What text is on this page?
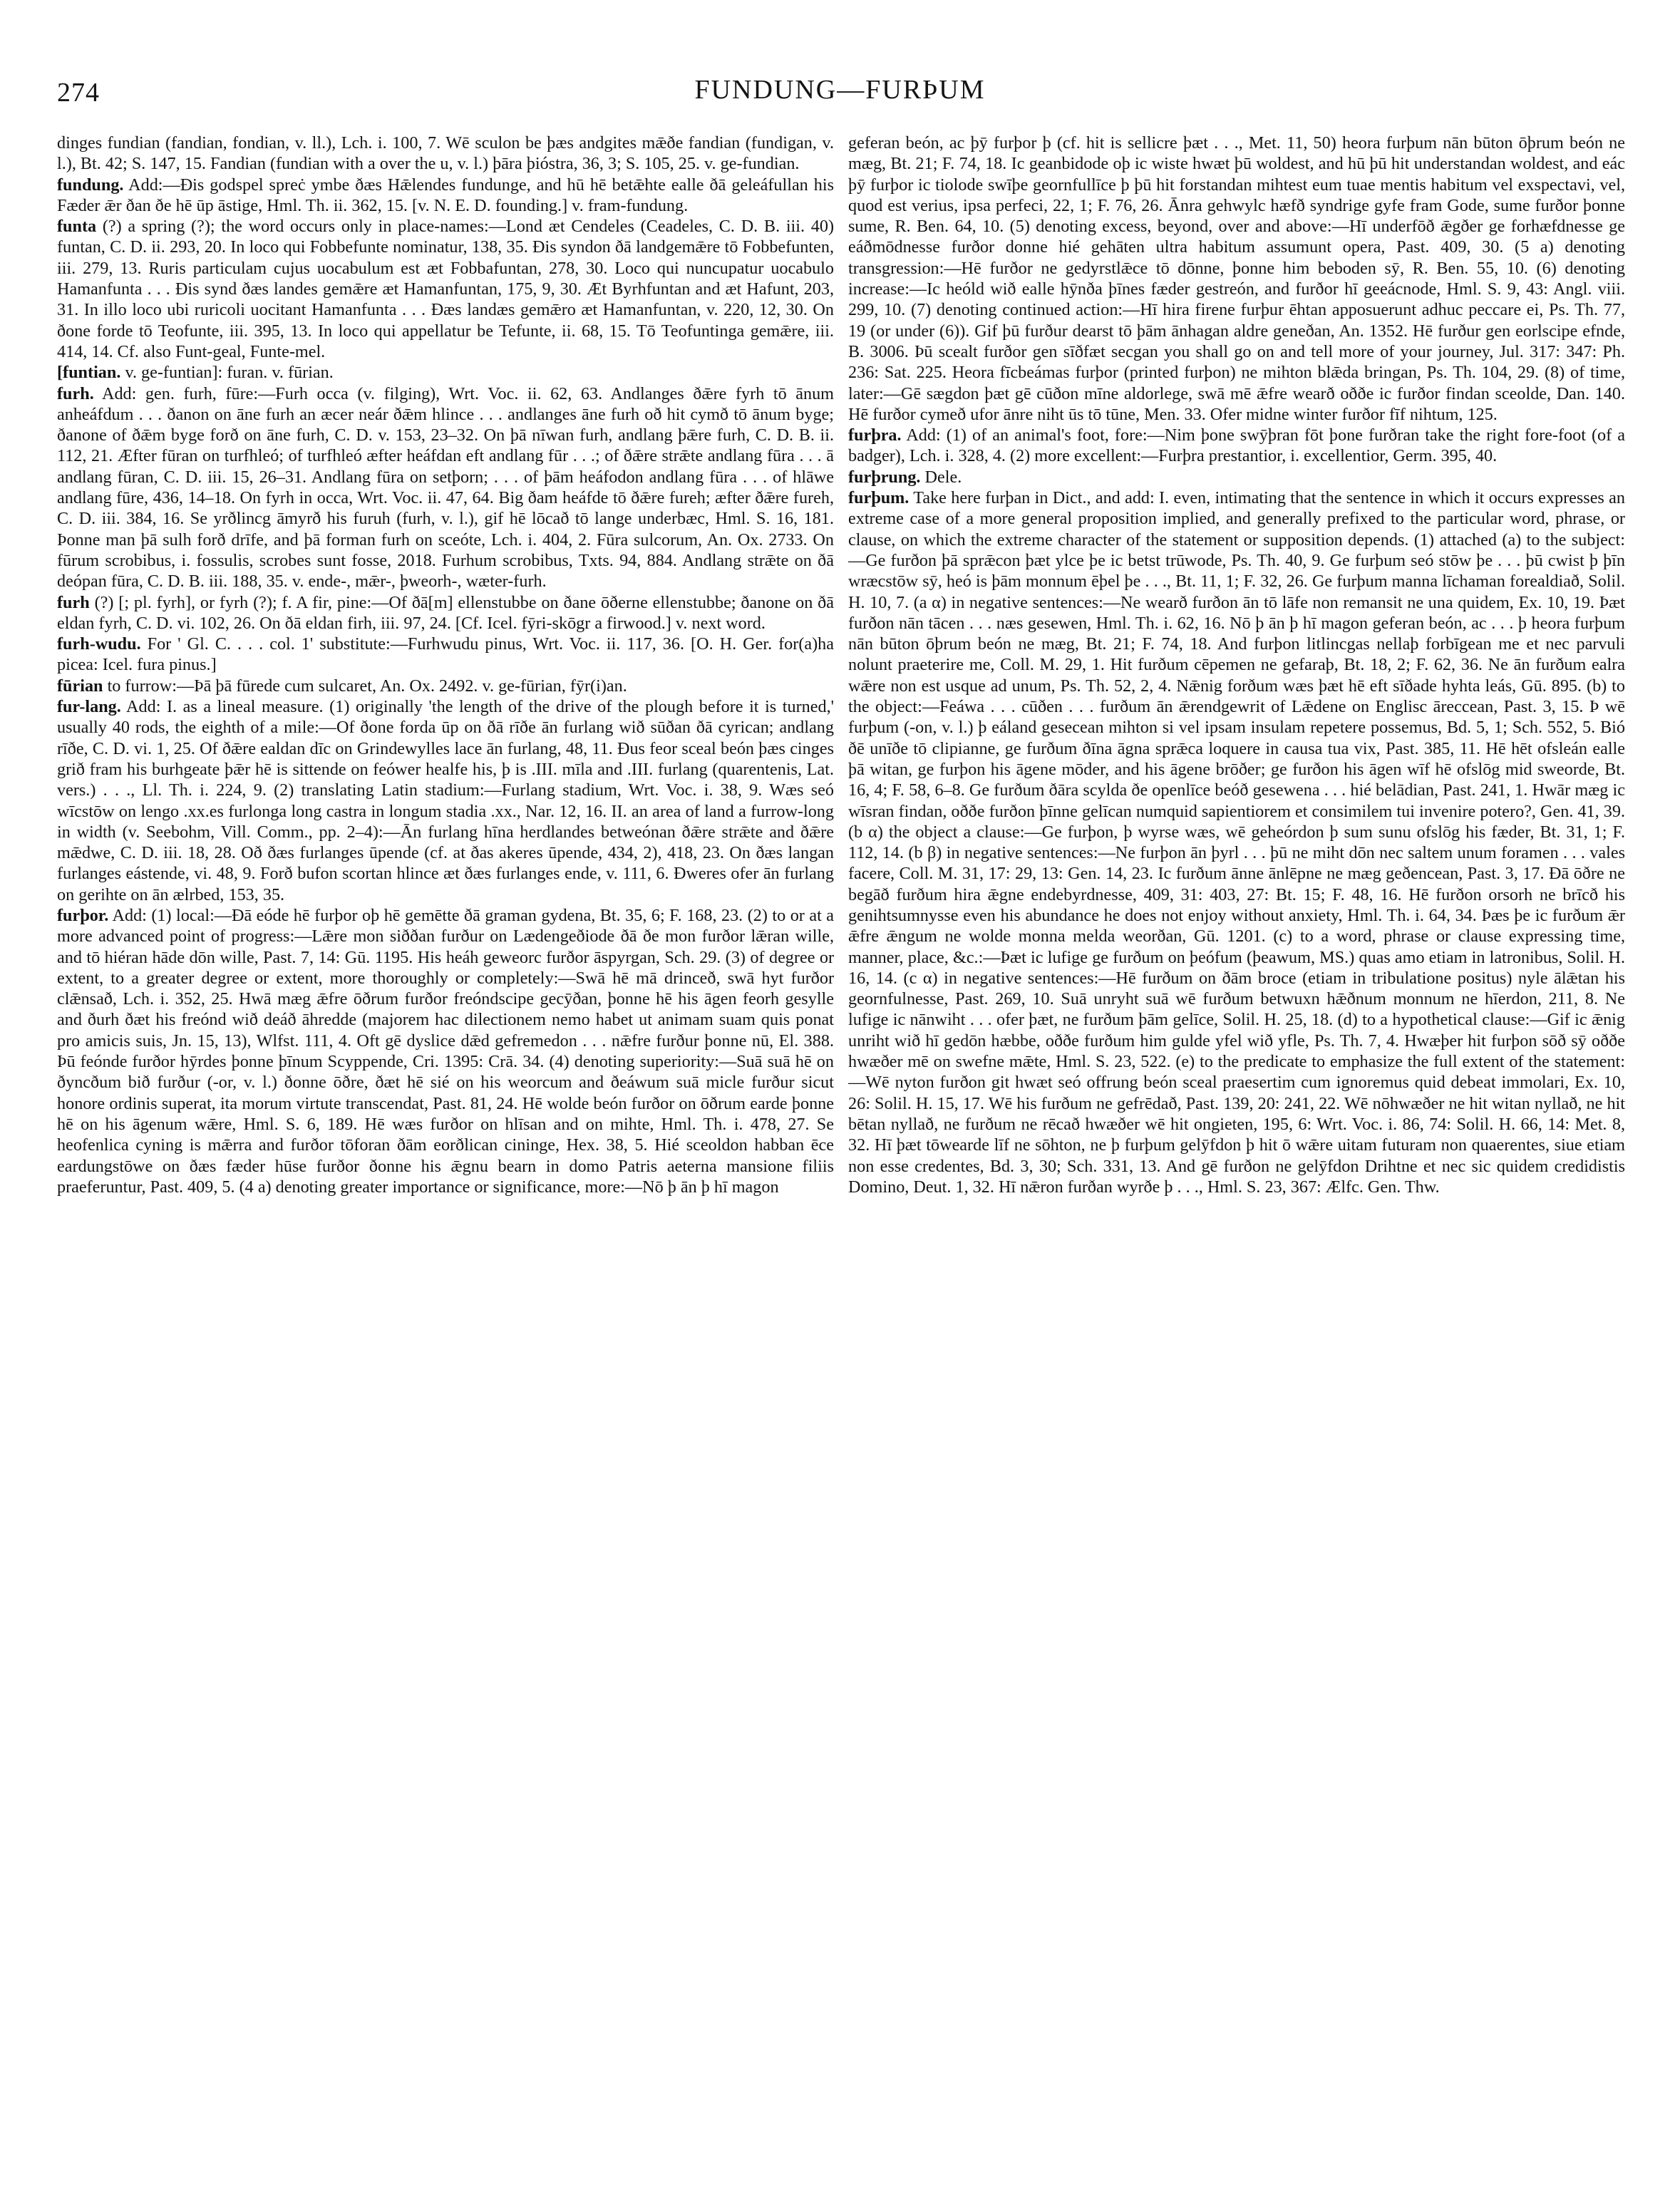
274	FUNDUNG—FURÞUM

dinges fundian (fandian, fondian, v. ll.), Lch. i. 100, 7. Wē sculon be þæs andgites mǣðe fandian (fundigan, v. l.), Bt. 42; S. 147, 15. Fandian (fundian with a over the u, v. l.) þāra þióstra, 36, 3; S. 105, 25. v. ge-fundian.

fundung. Add:—Ðis godspel spreċ ymbe ðæs Hǣlendes fundunge, and hū hē betǣhte ealle ðā geleáfullan his Fæder ǣr ðan ðe hē ūp āstige, Hml. Th. ii. 362, 15. [v. N. E. D. founding.] v. fram-fundung.

funta (?) a spring (?); the word occurs only in place-names:—Lond æt Cendeles (Ceadeles, C. D. B. iii. 40) funtan, C. D. ii. 293, 20. In loco qui Fobbefunte nominatur, 138, 35. Ðis syndon ðā landgemǣre tō Fobbefunten, iii. 279, 13. Ruris particulam cujus uocabulum est æt Fobbafuntan, 278, 30. Loco qui nuncupatur uocabulo Hamanfunta . . . Ðis synd ðæs landes gemǣre æt Hamanfuntan, 175, 9, 30. Æt Byrhfuntan and æt Hafunt, 203, 31. In illo loco ubi ruricoli uocitant Hamanfunta . . . Ðæs landæs gemǣro æt Hamanfuntan, v. 220, 12, 30. On ðone forde tō Teofunte, iii. 395, 13. In loco qui appellatur be Tefunte, ii. 68, 15. Tō Teofuntinga gemǣre, iii. 414, 14. Cf. also Funt-geal, Funte-mel.

[funtian. v. ge-funtian]: furan. v. fūrian.

furh. Add: gen. furh, fūre:—Furh occa (v. filging), Wrt. Voc. ii. 62, 63. Andlanges ðǣre fyrh tō ānum anheáfdum . . . ðanon on āne furh an æcer neár ðǣm hlince . . . andlanges āne furh oð hit cymð tō ānum byge; ðanone of ðǣm byge forð on āne furh, C. D. v. 153, 23–32. On þā nīwan furh, andlang þǣre furh, C. D. B. ii. 112, 21. Æfter fūran on turfhleó; of turfhleó æfter heáfdan eft andlang fūr . . .; of ðǣre strǣte andlang fūra . . . ā andlang fūran, C. D. iii. 15, 26–31. Andlang fūra on setþorn; . . . of þām heáfodon andlang fūra . . . of hlāwe andlang fūre, 436, 14–18. On fyrh in occa, Wrt. Voc. ii. 47, 64. Big ðam heáfde tō ðǣre fureh; æfter ðǣre fureh, C. D. iii. 384, 16. Se yrðlincg āmyrð his furuh (furh, v. l.), gif hē lōcað tō lange underbæc, Hml. S. 16, 181. Þonne man þā sulh forð drīfe, and þā forman furh on sceóte, Lch. i. 404, 2. Fūra sulcorum, An. Ox. 2733. On fūrum scrobibus, i. fossulis, scrobes sunt fosse, 2018. Furhum scrobibus, Txts. 94, 884. Andlang strǣte on ðā deópan fūra, C. D. B. iii. 188, 35. v. ende-, mǣr-, þweorh-, wæter-furh.

furh (?) [; pl. fyrh], or fyrh (?); f. A fir, pine:—Of ðā[m] ellenstubbe on ðane ōðerne ellenstubbe; ðanone on ðā eldan fyrh, C. D. vi. 102, 26. On ðā eldan firh, iii. 97, 24. [Cf. Icel. fȳri-skōgr a firwood.] v. next word.

furh-wudu. For ' Gl. C. . . . col. 1' substitute:—Furhwudu pinus, Wrt. Voc. ii. 117, 36. [O. H. Ger. for(a)ha picea: Icel. fura pinus.]

fūrian to furrow:—Þā þā fūrede cum sulcaret, An. Ox. 2492. v. ge-fūrian, fȳr(i)an.

fur-lang. Add: I. as a lineal measure. (1) originally 'the length of the drive of the plough before it is turned,' usually 40 rods, the eighth of a mile:—Of ðone forda ūp on ðā rīðe ān furlang wið sūðan ðā cyrican; andlang rīðe, C. D. vi. 1, 25. Of ðǣre ealdan dīc on Grindewylles lace ān furlang, 48, 11. Ðus feor sceal beón þæs cinges grið fram his burhgeate þǣr hē is sittende on feówer healfe his, þ is .III. mīla and .III. furlang (quarentenis, Lat. vers.) . . ., Ll. Th. i. 224, 9. (2) translating Latin stadium:—Furlang stadium, Wrt. Voc. i. 38, 9. Wæs seó wīcstōw on lengo .xx.es furlonga long castra in longum stadia .xx., Nar. 12, 16. II. an area of land a furrow-long in width (v. Seebohm, Vill. Comm., pp. 2–4):—Ān furlang hīna herdlandes betweónan ðǣre strǣte and ðǣre mǣdwe, C. D. iii. 18, 28. Oð ðæs furlanges ūpende (cf. at ðas akeres ūpende, 434, 2), 418, 23. On ðæs langan furlanges eástende, vi. 48, 9. Forð bufon scortan hlince æt ðæs furlanges ende, v. 111, 6. Ðweres ofer ān furlang on gerihte on ān ælrbed, 153, 35.

furþor. Add: (1) local:—Ðā eóde hē furþor oþ hē gemētte ðā graman gydena, Bt. 35, 6; F. 168, 23. (2) to or at a more advanced point of progress:—Lǣre mon siððan furður on Lædengeðiode ðā ðe mon furðor lǣran wille, and tō hiéran hāde dōn wille, Past. 7, 14: Gū. 1195. His heáh geweorc furðor āspyrgan, Sch. 29. (3) of degree or extent, to a greater degree or extent, more thoroughly or completely:—Swā hē mā drinceð, swā hyt furðor clǣnsað, Lch. i. 352, 25. Hwā mæg ǣfre ōðrum furðor freóndscipe gecȳðan, þonne hē his āgen feorh gesylle and ðurh ðæt his freónd wið deáð āhredde (majorem hac dilectionem nemo habet ut animam suam quis ponat pro amicis suis, Jn. 15, 13), Wlfst. 111, 4. Oft gē dyslice dǣd gefremedon . . . nǣfre furður þonne nū, El. 388. Þū feónde furðor hȳrdes þonne þīnum Scyppende, Cri. 1395: Crā. 34. (4) denoting superiority:—Suā suā hē on ðyncðum bið furður (-or, v. l.) ðonne ōðre, ðæt hē sié on his weorcum and ðeáwum suā micle furður sicut honore ordinis superat, ita morum virtute transcendat, Past. 81, 24. Hē wolde beón furðor on ōðrum earde þonne hē on his āgenum wǣre, Hml. S. 6, 189. Hē wæs furðor on hlīsan and on mihte, Hml. Th. i. 478, 27. Se heofenlica cyning is mǣrra and furðor tōforan ðām eorðlican cininge, Hex. 38, 5. Hié sceoldon habban ēce eardungstōwe on ðæs fæder hūse furðor ðonne his ǣgnu bearn in domo Patris aeterna mansione filiis praeferuntur, Past. 409, 5. (4 a) denoting greater importance or significance, more:—Nō þ ān þ hī magon

geferan beón, ac þȳ furþor þ (cf. hit is sellicre þæt . . ., Met. 11, 50) heora furþum nān būton ōþrum beón ne mæg, Bt. 21; F. 74, 18. Ic geanbidode oþ ic wiste hwæt þū woldest, and hū þū hit understandan woldest, and eác þȳ furþor ic tiolode swīþe geornfullīce þ þū hit forstandan mihtest eum tuae mentis habitum vel exspectavi, vel, quod est verius, ipsa perfeci, 22, 1; F. 76, 26. Ānra gehwylc hæfð syndrige gyfe fram Gode, sume furðor þonne sume, R. Ben. 64, 10. (5) denoting excess, beyond, over and above:—Hī underfōð ǣgðer ge forhæfdnesse ge eáðmōdnesse furðor donne hié gehāten ultra habitum assumunt opera, Past. 409, 30. (5 a) denoting transgression:—Hē furðor ne gedyrstlǣce tō dōnne, þonne him beboden sȳ, R. Ben. 55, 10. (6) denoting increase:—Ic heóld wið ealle hȳnða þīnes fæder gestreón, and furðor hī geeácnode, Hml. S. 9, 43: Angl. viii. 299, 10. (7) denoting continued action:—Hī hira firene furþur ēhtan apposuerunt adhuc peccare ei, Ps. Th. 77, 19 (or under (6)). Gif þū furður dearst tō þām ānhagan aldre geneðan, An. 1352. Hē furður gen eorlscipe efnde, B. 3006. Þū scealt furðor gen sīðfæt secgan you shall go on and tell more of your journey, Jul. 317: 347: Ph. 236: Sat. 225. Heora fīcbeámas furþor (printed furþon) ne mihton blǣda bringan, Ps. Th. 104, 29. (8) of time, later:—Gē sægdon þæt gē cūðon mīne aldorlege, swā mē ǣfre wearð oððe ic furðor findan sceolde, Dan. 140. Hē furðor cymeð ufor ānre niht ūs tō tūne, Men. 33. Ofer midne winter furðor fīf nihtum, 125.

furþra. Add: (1) of an animal's foot, fore:—Nim þone swȳþran fōt þone furðran take the right fore-foot (of a badger), Lch. i. 328, 4. (2) more excellent:—Furþra prestantior, i. excellentior, Germ. 395, 40.

furþrung. Dele.

furþum. Take here furþan in Dict., and add: I. even, intimating that the sentence in which it occurs expresses an extreme case of a more general proposition implied, and generally prefixed to the particular word, phrase, or clause, on which the extreme character of the statement or supposition depends. (1) attached (a) to the subject:—Ge furðon þā sprǣcon þæt ylce þe ic betst trūwode, Ps. Th. 40, 9. Ge furþum seó stōw þe . . . þū cwist þ þīn wræcstōw sȳ, heó is þām monnum ēþel þe . . ., Bt. 11, 1; F. 32, 26. Ge furþum manna līchaman forealdiað, Solil. H. 10, 7. (a α) in negative sentences:—Ne wearð furðon ān tō lāfe non remansit ne una quidem, Ex. 10, 19. Þæt furðon nān tācen . . . næs gesewen, Hml. Th. i. 62, 16. Nō þ ān þ hī magon geferan beón, ac . . . þ heora furþum nān būton ōþrum beón ne mæg, Bt. 21; F. 74, 18. And furþon litlincgas nellaþ forbīgean me et nec parvuli nolunt praeterire me, Coll. M. 29, 1. Hit furðum cēpemen ne gefaraþ, Bt. 18, 2; F. 62, 36. Ne ān furðum ealra wǣre non est usque ad unum, Ps. Th. 52, 2, 4. Nǣnig forðum wæs þæt hē eft sīðade hyhta leás, Gū. 895. (b) to the object:—Feáwa . . . cūðen . . . furðum ān ǣrendgewrit of Lǣdene on Englisc āreccean, Past. 3, 15. Þ wē furþum (-on, v. l.) þ eáland gesecean mihton si vel ipsam insulam repetere possemus, Bd. 5, 1; Sch. 552, 5. Bió ðē unīðe tō clipianne, ge furðum ðīna āgna sprǣca loquere in causa tua vix, Past. 385, 11. Hē hēt ofsleán ealle þā witan, ge furþon his āgene mōder, and his āgene brōðer; ge furðon his āgen wīf hē ofslōg mid sweorde, Bt. 16, 4; F. 58, 6–8. Ge furðum ðāra scylda ðe openlīce beóð gesewena . . . hié belādian, Past. 241, 1. Hwār mæg ic wīsran findan, oððe furðon þīnne gelīcan numquid sapientiorem et consimilem tui invenire potero?, Gen. 41, 39. (b α) the object a clause:—Ge furþon, þ wyrse wæs, wē geheórdon þ sum sunu ofslōg his fæder, Bt. 31, 1; F. 112, 14. (b β) in negative sentences:—Ne furþon ān þyrl . . . þū ne miht dōn nec saltem unum foramen . . . vales facere, Coll. M. 31, 17: 29, 13: Gen. 14, 23. Ic furðum ānne ānlēpne ne mæg geðencean, Past. 3, 17. Ðā ōðre ne begāð furðum hira ǣgne endebyrdnesse, 409, 31: 403, 27: Bt. 15; F. 48, 16. Hē furðon orsorh ne brīcð his genihtsumnysse even his abundance he does not enjoy without anxiety, Hml. Th. i. 64, 34. Þæs þe ic furðum ǣr ǣfre ǣngum ne wolde monna melda weorðan, Gū. 1201. (c) to a word, phrase or clause expressing time, manner, place, &c.:—Þæt ic lufige ge furðum on þeófum (þeawum, MS.) quas amo etiam in latronibus, Solil. H. 16, 14. (c α) in negative sentences:—Hē furðum on ðām broce (etiam in tribulatione positus) nyle ālǣtan his geornfulnesse, Past. 269, 10. Suā unryht suā wē furðum betwuxn hǣðnum monnum ne hīerdon, 211, 8. Ne lufige ic nānwiht . . . ofer þæt, ne furðum þām gelīce, Solil. H. 25, 18. (d) to a hypothetical clause:—Gif ic ǣnig unriht wið hī gedōn hæbbe, oððe furðum him gulde yfel wið yfle, Ps. Th. 7, 4. Hwæþer hit furþon sōð sȳ oððe hwæðer mē on swefne mǣte, Hml. S. 23, 522. (e) to the predicate to emphasize the full extent of the statement:—Wē nyton furðon git hwæt seó offrung beón sceal praesertim cum ignoremus quid debeat immolari, Ex. 10, 26: Solil. H. 15, 17. Wē his furðum ne gefrēdað, Past. 139, 20: 241, 22. Wē nōhwæðer ne hit witan nyllað, ne hit bētan nyllað, ne furðum ne rēcað hwæðer wē hit ongieten, 195, 6: Wrt. Voc. i. 86, 74: Solil. H. 66, 14: Met. 8, 32. Hī þæt tōwearde līf ne sōhton, ne þ furþum gelȳfdon þ hit ō wǣre uitam futuram non quaerentes, siue etiam non esse credentes, Bd. 3, 30; Sch. 331, 13. And gē furðon ne gelȳfdon Drihtne et nec sic quidem credidistis Domino, Deut. 1, 32. Hī nǣron furðan wyrðe þ . . ., Hml. S. 23, 367: Ælfc. Gen. Thw.
